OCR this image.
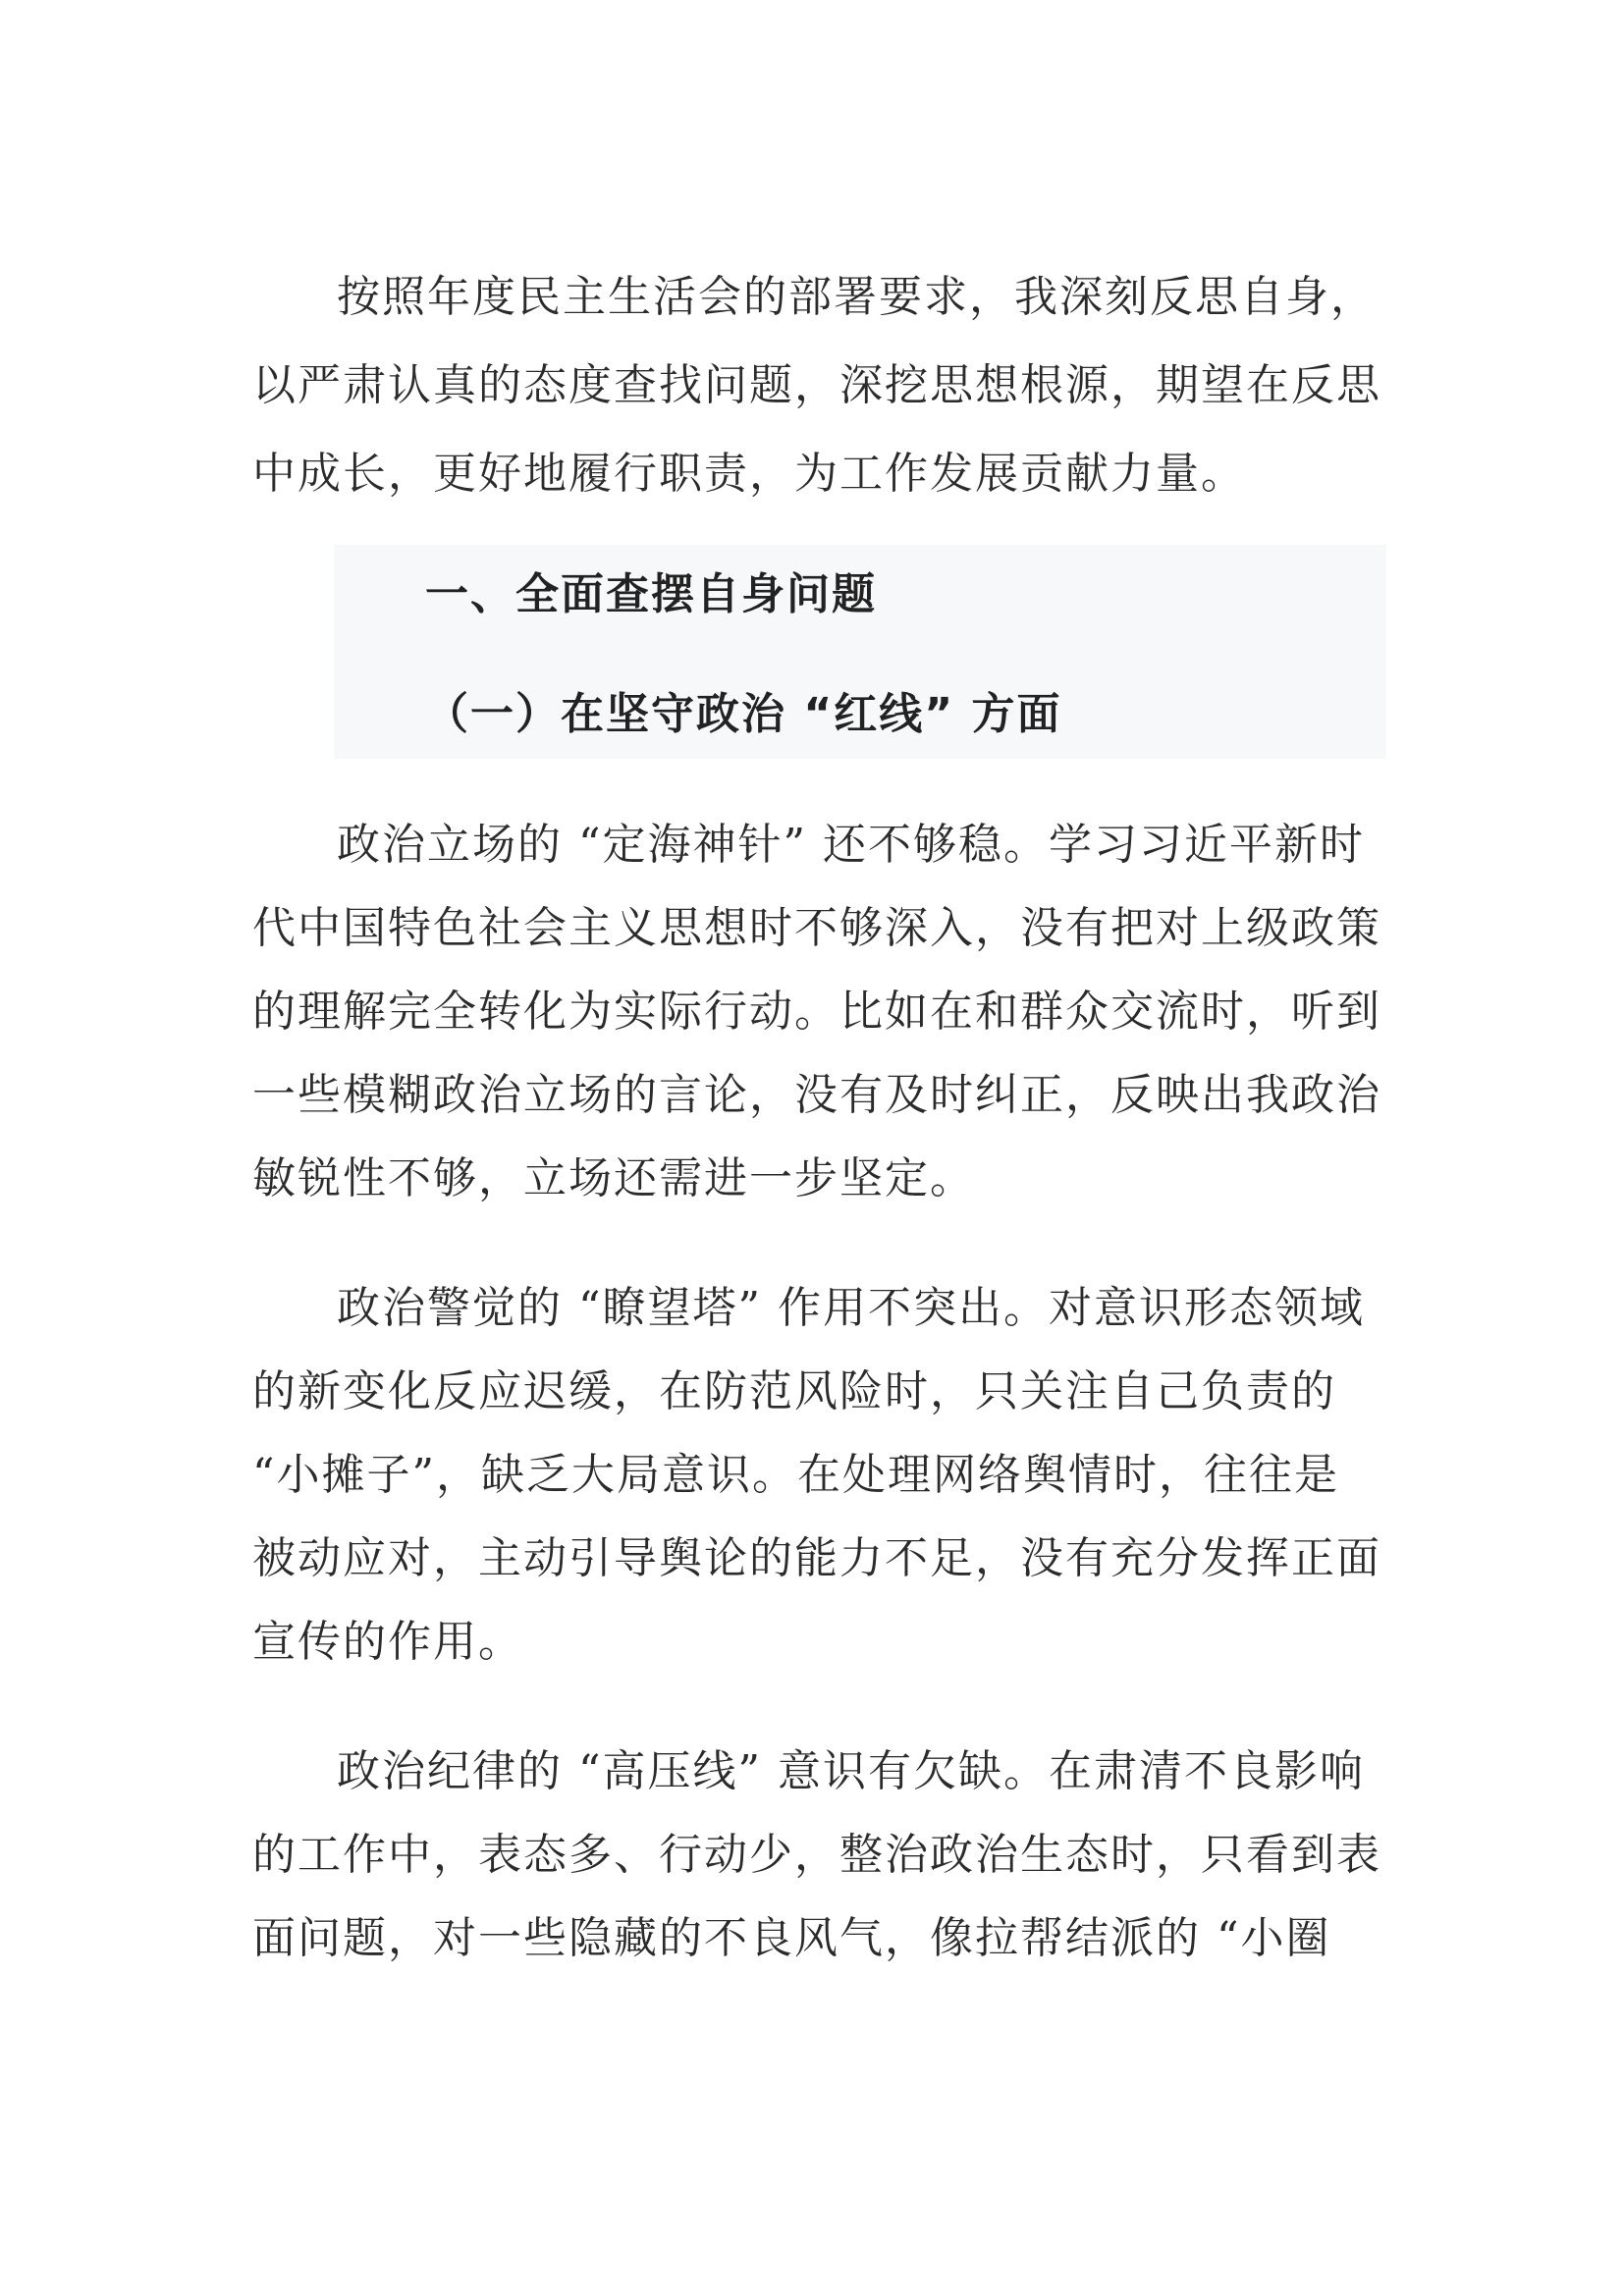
按照年度民主生活会的部署要求，我深刻反思自身，
以严肃认真的态度查找问题，深挖思想根源，期望在反思
中成长，更好地履行职责，为工作发展贡献力量。
一、全面查摆自身问题
（一）在坚守政治 “红线” 方面
政治立场的 “定海神针” 还不够稳。学习习近平新时
代中国特色社会主义思想时不够深入，没有把对上级政策
的理解完全转化为实际行动。比如在和群众交流时，听到
一些模糊政治立场的言论，没有及时纠正，反映出我政治
敏锐性不够，立场还需进一步坚定。
政治警觉的 “瞭望塔” 作用不突出。对意识形态领域
的新变化反应迟缓，在防范风险时，只关注自己负责的
“小摊子”，缺乏大局意识。在处理网络舆情时，往往是
被动应对，主动引导舆论的能力不足，没有充分发挥正面
宣传的作用。
政治纪律的 “高压线” 意识有欠缺。在肃清不良影响
的工作中，表态多、行动少，整治政治生态时，只看到表
面问题，对一些隐藏的不良风气，像拉帮结派的 “小圈
